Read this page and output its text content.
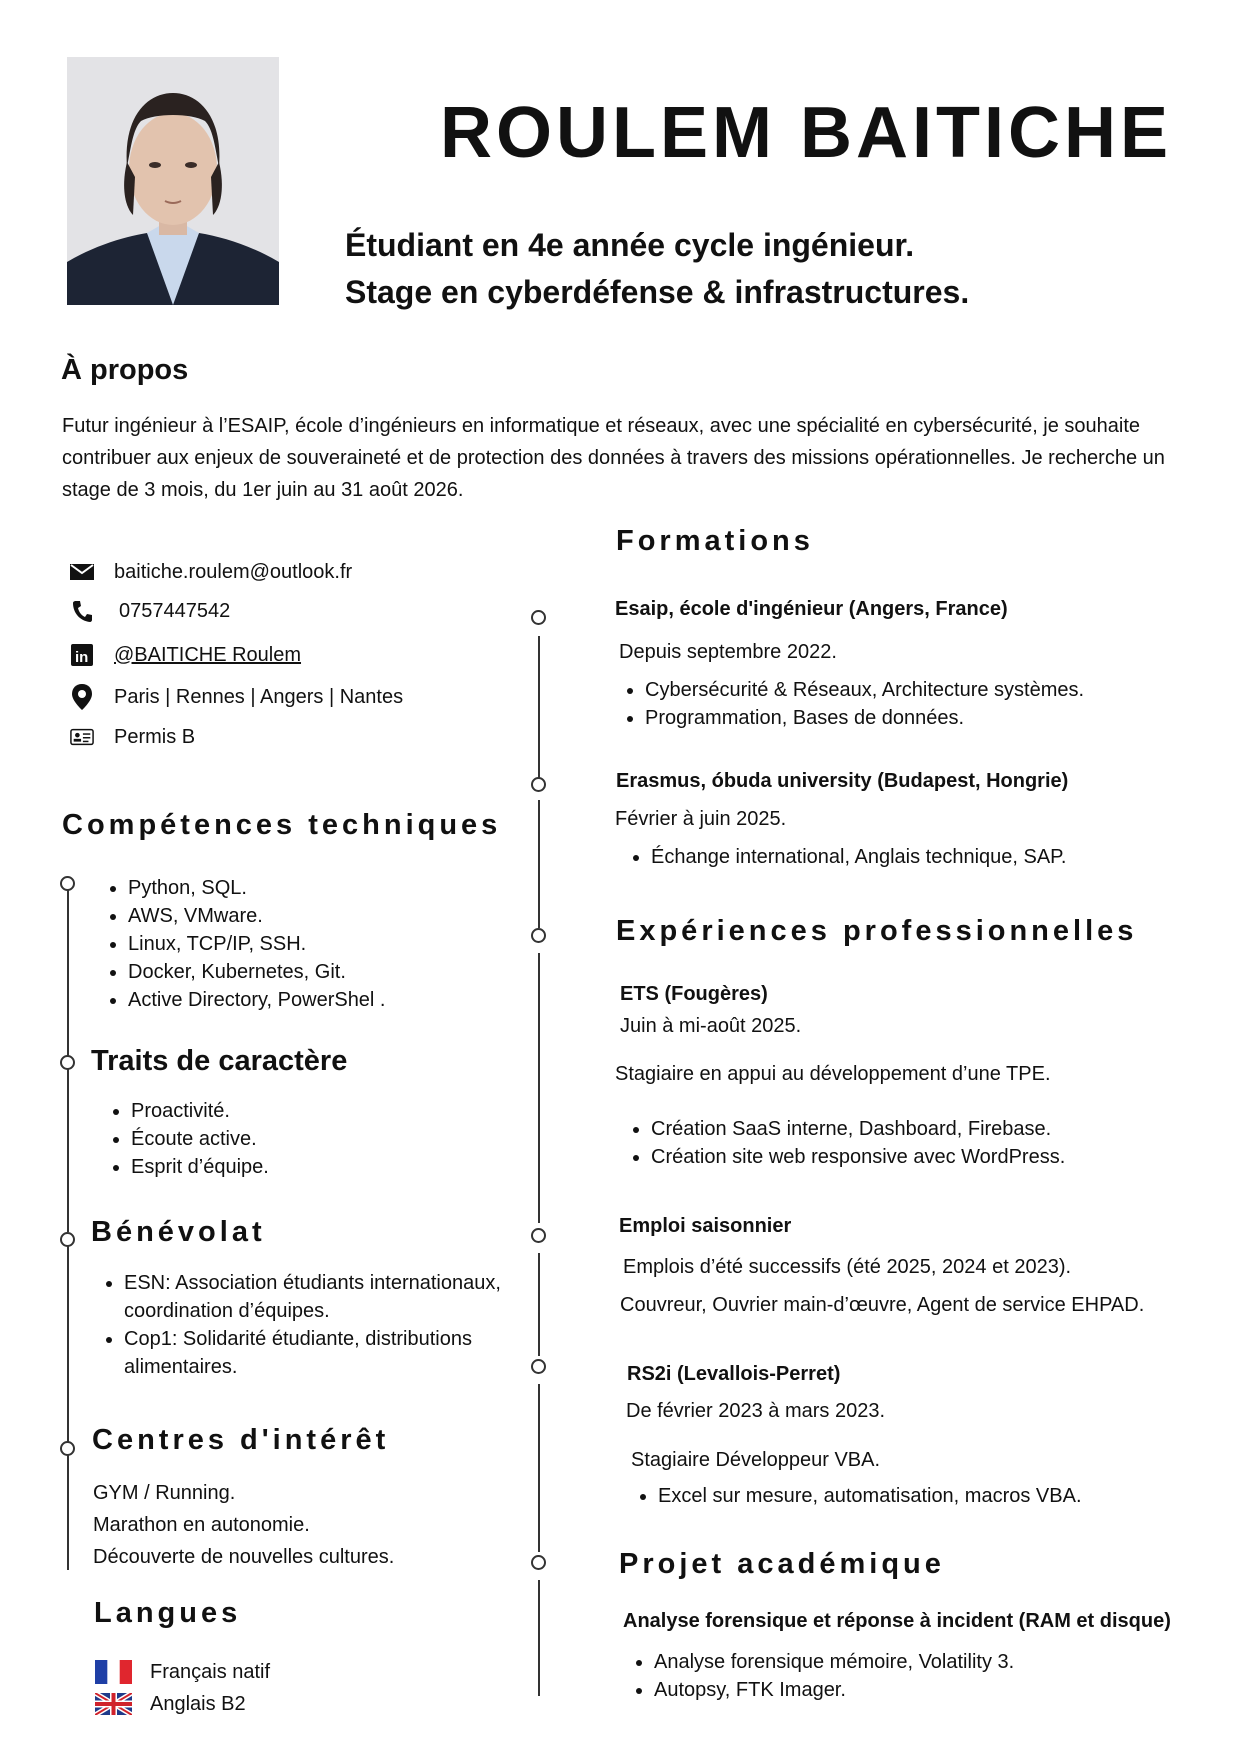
ROULEM BAITICHE
Étudiant en 4e année cycle ingénieur.
Stage en cyberdéfense & infrastructures.
À propos
Futur ingénieur à l’ESAIP, école d’ingénieurs en informatique et réseaux, avec une spécialité en cybersécurité, je souhaite contribuer aux enjeux de souveraineté et de protection des données à travers des missions opérationnelles. Je recherche un stage de 3 mois, du 1er juin au 31 août 2026.
baitiche.roulem@outlook.fr
0757447542
in @BAITICHE Roulem
Paris | Rennes | Angers | Nantes
Permis B
Compétences techniques
• Python, SQL.
• AWS, VMware.
• Linux, TCP/IP, SSH.
• Docker, Kubernetes, Git.
• Active Directory, PowerShel .
Traits de caractère
• Proactivité.
• Écoute active.
• Esprit d’équipe.
Bénévolat
• ESN: Association étudiants internationaux, coordination d’équipes.
• Cop1: Solidarité étudiante, distributions alimentaires.
Centres d'intérêt
GYM / Running.
Marathon en autonomie.
Découverte de nouvelles cultures.
Langues
Français natif
Anglais B2
Formations
Esaip, école d'ingénieur (Angers, France)
Depuis septembre 2022.
• Cybersécurité & Réseaux, Architecture systèmes.
• Programmation, Bases de données.
Erasmus, óbuda university (Budapest, Hongrie)
Février à juin 2025.
• Échange international, Anglais technique, SAP.
Expériences professionnelles
ETS (Fougères)
Juin à mi-août 2025.
Stagiaire en appui au développement d’une TPE.
• Création SaaS interne, Dashboard, Firebase.
• Création site web responsive avec WordPress.
Emploi saisonnier
Emplois d’été successifs (été 2025, 2024 et 2023).
Couvreur, Ouvrier main-d’œuvre, Agent de service EHPAD.
RS2i (Levallois-Perret)
De février 2023 à mars 2023.
Stagiaire Développeur VBA.
• Excel sur mesure, automatisation, macros VBA.
Projet académique
Analyse forensique et réponse à incident (RAM et disque)
• Analyse forensique mémoire, Volatility 3.
• Autopsy, FTK Imager.
